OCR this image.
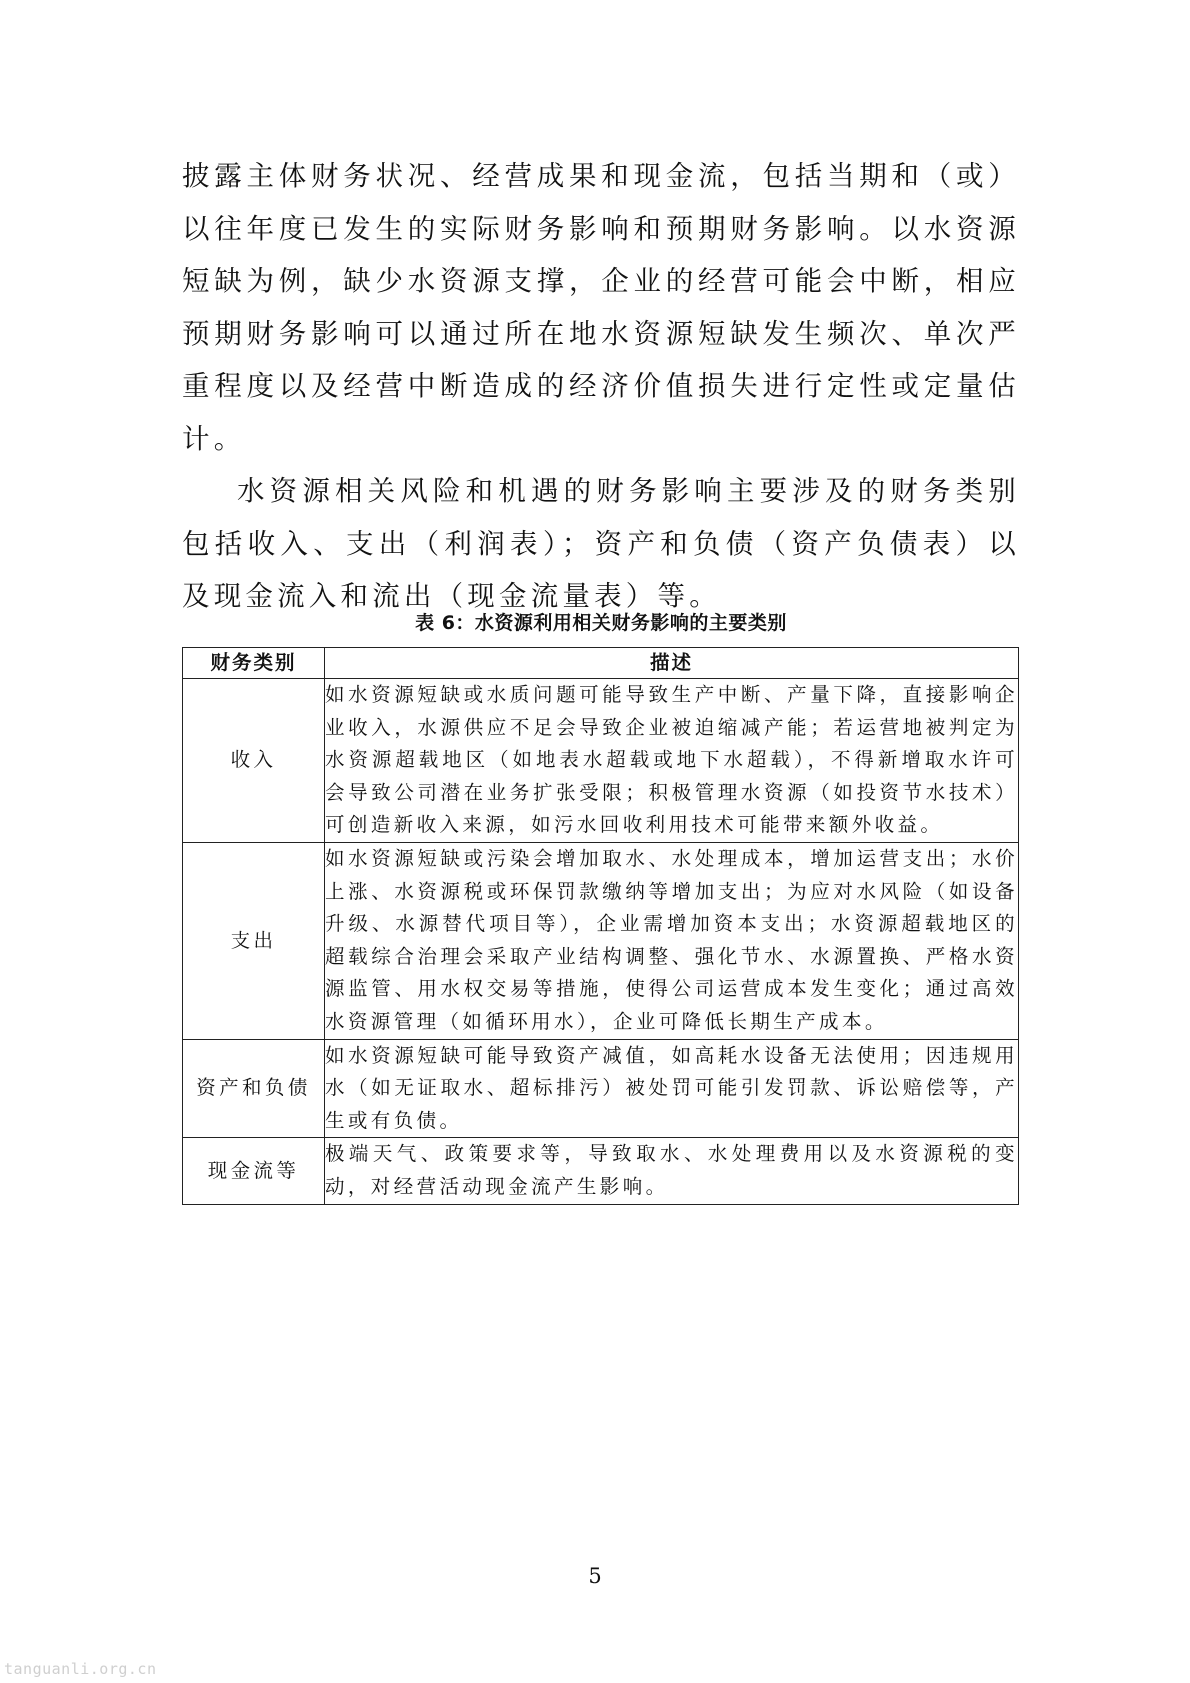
披露主体财务状况、经营成果和现金流，包括当期和（或）以往年度已发生的实际财务影响和预期财务影响。以水资源短缺为例，缺少水资源支撑，企业的经营可能会中断，相应预期财务影响可以通过所在地水资源短缺发生频次、单次严重程度以及经营中断造成的经济价值损失进行定性或定量估计。

水资源相关风险和机遇的财务影响主要涉及的财务类别包括收入、支出（利润表）；资产和负债（资产负债表）以及现金流入和流出（现金流量表）等。

表 6：水资源利用相关财务影响的主要类别
财务类别	描述
收入	如水资源短缺或水质问题可能导致生产中断、产量下降，直接影响企业收入，水源供应不足会导致企业被迫缩减产能；若运营地被判定为水资源超载地区（如地表水超载或地下水超载），不得新增取水许可会导致公司潜在业务扩张受限；积极管理水资源（如投资节水技术）可创造新收入来源，如污水回收利用技术可能带来额外收益。
支出	如水资源短缺或污染会增加取水、水处理成本，增加运营支出；水价上涨、水资源税或环保罚款缴纳等增加支出；为应对水风险（如设备升级、水源替代项目等），企业需增加资本支出；水资源超载地区的超载综合治理会采取产业结构调整、强化节水、水源置换、严格水资源监管、用水权交易等措施，使得公司运营成本发生变化；通过高效水资源管理（如循环用水），企业可降低长期生产成本。
资产和负债	如水资源短缺可能导致资产减值，如高耗水设备无法使用；因违规用水（如无证取水、超标排污）被处罚可能引发罚款、诉讼赔偿等，产生或有负债。
现金流等	极端天气、政策要求等，导致取水、水处理费用以及水资源税的变动，对经营活动现金流产生影响。
5
tanguanli.org.cn
